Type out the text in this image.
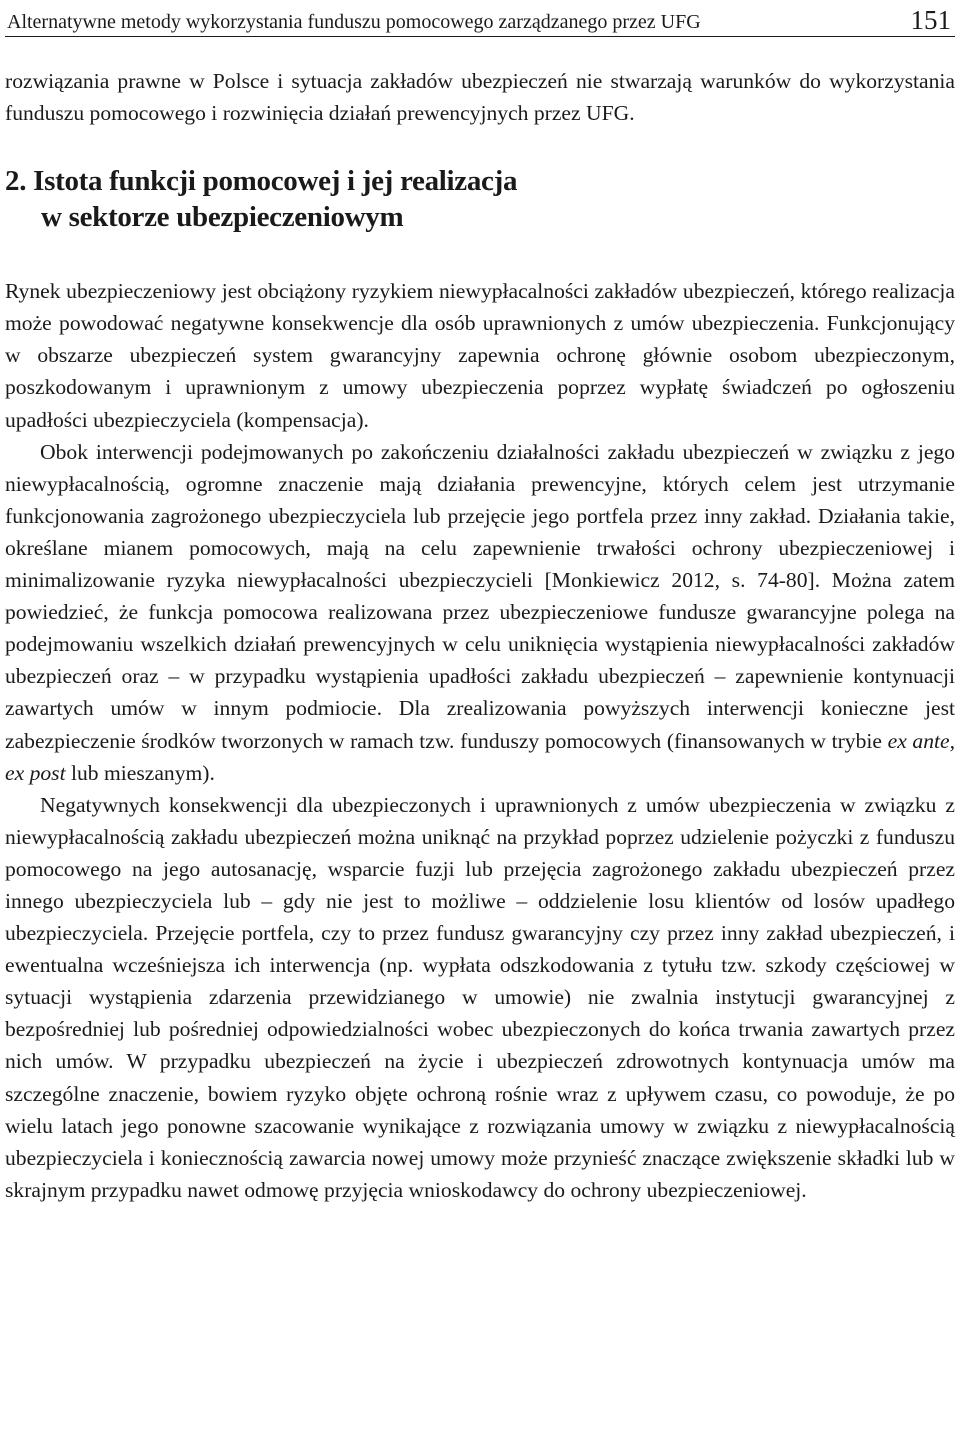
Alternatywne metody wykorzystania funduszu pomocowego zarządzanego przez UFG	151

rozwiązania prawne w Polsce i sytuacja zakładów ubezpieczeń nie stwarzają warunków do wykorzystania funduszu pomocowego i rozwinięcia działań prewencyjnych przez UFG.

2. Istota funkcji pomocowej i jej realizacja
w sektorze ubezpieczeniowym

Rynek ubezpieczeniowy jest obciążony ryzykiem niewypłacalności zakładów ubezpieczeń, którego realizacja może powodować negatywne konsekwencje dla osób uprawnionych z umów ubezpieczenia. Funkcjonujący w obszarze ubezpieczeń system gwarancyjny zapewnia ochronę głównie osobom ubezpieczonym, poszkodowanym i uprawnionym z umowy ubezpieczenia poprzez wypłatę świadczeń po ogłoszeniu upadłości ubezpieczyciela (kompensacja).

Obok interwencji podejmowanych po zakończeniu działalności zakładu ubezpieczeń w związku z jego niewypłacalnością, ogromne znaczenie mają działania prewencyjne, których celem jest utrzymanie funkcjonowania zagrożonego ubezpieczyciela lub przejęcie jego portfela przez inny zakład. Działania takie, określane mianem pomocowych, mają na celu zapewnienie trwałości ochrony ubezpieczeniowej i minimalizowanie ryzyka niewypłacalności ubezpieczycieli [Monkiewicz 2012, s. 74-80]. Można zatem powiedzieć, że funkcja pomocowa realizowana przez ubezpieczeniowe fundusze gwarancyjne polega na podejmowaniu wszelkich działań prewencyjnych w celu uniknięcia wystąpienia niewypłacalności zakładów ubezpieczeń oraz – w przypadku wystąpienia upadłości zakładu ubezpieczeń – zapewnienie kontynuacji zawartych umów w innym podmiocie. Dla zrealizowania powyższych interwencji konieczne jest zabezpieczenie środków tworzonych w ramach tzw. funduszy pomocowych (finansowanych w trybie ex ante, ex post lub mieszanym).

Negatywnych konsekwencji dla ubezpieczonych i uprawnionych z umów ubezpieczenia w związku z niewypłacalnością zakładu ubezpieczeń można uniknąć na przykład poprzez udzielenie pożyczki z funduszu pomocowego na jego autosanację, wsparcie fuzji lub przejęcia zagrożonego zakładu ubezpieczeń przez innego ubezpieczyciela lub – gdy nie jest to możliwe – oddzielenie losu klientów od losów upadłego ubezpieczyciela. Przejęcie portfela, czy to przez fundusz gwarancyjny czy przez inny zakład ubezpieczeń, i ewentualna wcześniejsza ich interwencja (np. wypłata odszkodowania z tytułu tzw. szkody częściowej w sytuacji wystąpienia zdarzenia przewidzianego w umowie) nie zwalnia instytucji gwarancyjnej z bezpośredniej lub pośredniej odpowiedzialności wobec ubezpieczonych do końca trwania zawartych przez nich umów. W przypadku ubezpieczeń na życie i ubezpieczeń zdrowotnych kontynuacja umów ma szczególne znaczenie, bowiem ryzyko objęte ochroną rośnie wraz z upływem czasu, co powoduje, że po wielu latach jego ponowne szacowanie wynikające z rozwiązania umowy w związku z niewypłacalnością ubezpieczyciela i koniecznością zawarcia nowej umowy może przynieść znaczące zwiększenie składki lub w skrajnym przypadku nawet odmowę przyjęcia wnioskodawcy do ochrony ubezpieczeniowej.
